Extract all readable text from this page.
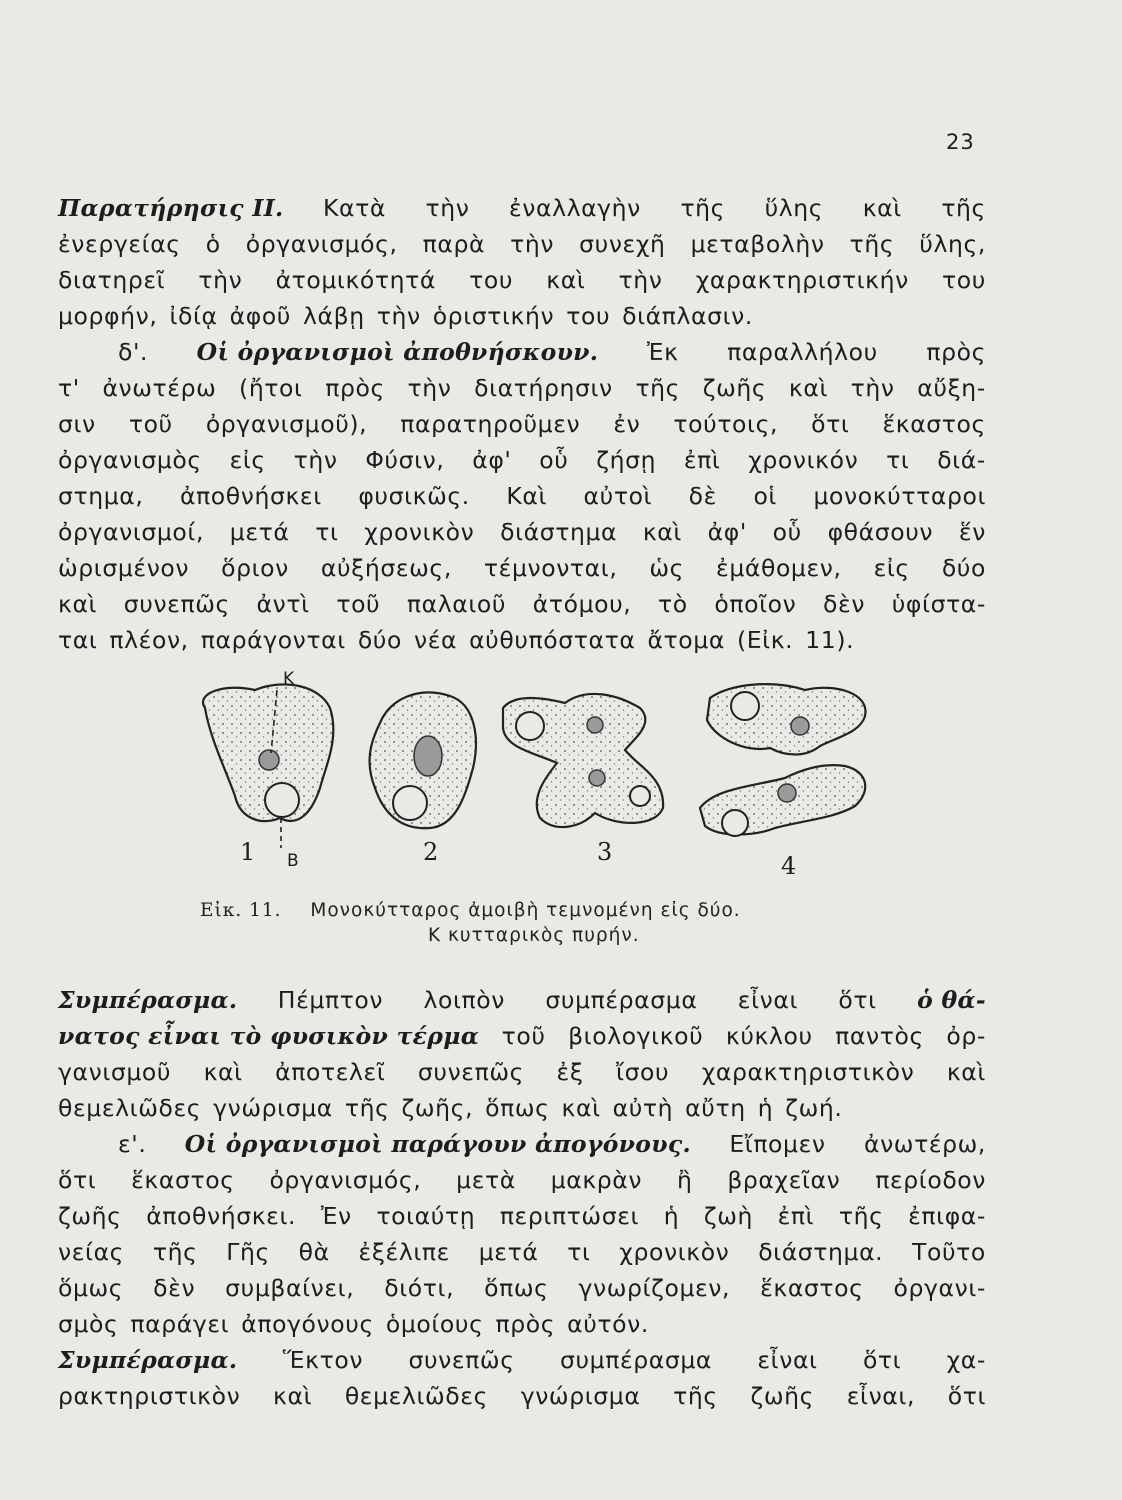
23
Παρατήρησις ΙΙ. Κατὰ τὴν ἐναλλαγὴν τῆς ὕλης καὶ τῆς
ἐνεργείας ὁ ὀργανισμός, παρὰ τὴν συνεχῆ μεταβολὴν τῆς ὕλης,
διατηρεῖ τὴν ἀτομικότητά του καὶ τὴν χαρακτηριστικήν του
μορφήν, ἰδίᾳ ἀφοῦ λάβῃ τὴν ὁριστικήν του διάπλασιν.
δ'. Οἱ ὀργανισμοὶ ἀποθνήσκουν. Ἐκ παραλλήλου πρὸς
τ' ἀνωτέρω (ἤτοι πρὸς τὴν διατήρησιν τῆς ζωῆς καὶ τὴν αὔξη-
σιν τοῦ ὀργανισμοῦ), παρατηροῦμεν ἐν τούτοις, ὅτι ἕκαστος
ὀργανισμὸς εἰς τὴν Φύσιν, ἀφ' οὗ ζήσῃ ἐπὶ χρονικόν τι διά-
στημα, ἀποθνήσκει φυσικῶς. Καὶ αὐτοὶ δὲ οἱ μονοκύτταροι
ὀργανισμοί, μετά τι χρονικὸν διάστημα καὶ ἀφ' οὗ φθάσουν ἕν
ὡρισμένον ὅριον αὐξήσεως, τέμνονται, ὡς ἐμάθομεν, εἰς δύο
καὶ συνεπῶς ἀντὶ τοῦ παλαιοῦ ἀτόμου, τὸ ὁποῖον δὲν ὑφίστα-
ται πλέον, παράγονται δύο νέα αὐθυπόστατα ἄτομα (Εἰκ. 11).
Κ
Β
1	2	3	4
Εἰκ. 11. Μονοκύτταρος ἀμοιβὴ τεμνομένη εἰς δύο.
Κ κυτταρικὸς πυρήν.
Συμπέρασμα. Πέμπτον λοιπὸν συμπέρασμα εἶναι ὅτι ὁ θά-
νατος εἶναι τὸ φυσικὸν τέρμα τοῦ βιολογικοῦ κύκλου παντὸς ὀρ-
γανισμοῦ καὶ ἀποτελεῖ συνεπῶς ἐξ ἴσου χαρακτηριστικὸν καὶ
θεμελιῶδες γνώρισμα τῆς ζωῆς, ὅπως καὶ αὐτὴ αὔτη ἡ ζωή.
ε'. Οἱ ὀργανισμοὶ παράγουν ἀπογόνους. Εἴπομεν ἀνωτέρω,
ὅτι ἕκαστος ὀργανισμός, μετὰ μακρὰν ἢ βραχεῖαν περίοδον
ζωῆς ἀποθνήσκει. Ἐν τοιαύτῃ περιπτώσει ἡ ζωὴ ἐπὶ τῆς ἐπιφα-
νείας τῆς Γῆς θὰ ἐξέλιπε μετά τι χρονικὸν διάστημα. Τοῦτο
ὅμως δὲν συμβαίνει, διότι, ὅπως γνωρίζομεν, ἕκαστος ὀργανι-
σμὸς παράγει ἀπογόνους ὁμοίους πρὸς αὐτόν.
Συμπέρασμα. Ἕκτον συνεπῶς συμπέρασμα εἶναι ὅτι χα-
ρακτηριστικὸν καὶ θεμελιῶδες γνώρισμα τῆς ζωῆς εἶναι, ὅτι
